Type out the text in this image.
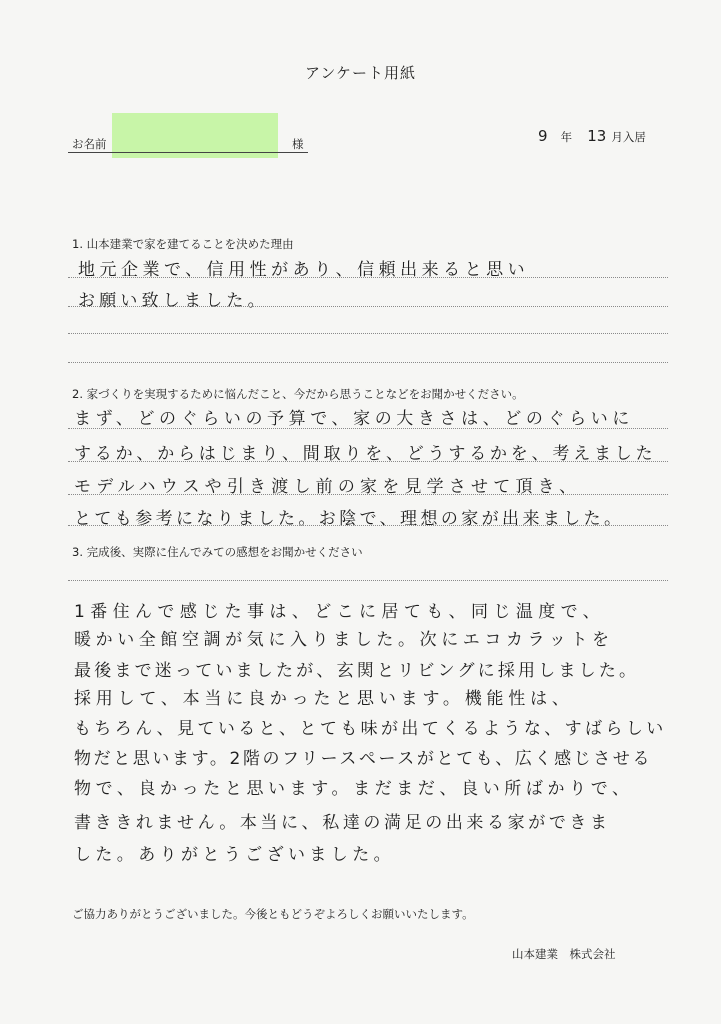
アンケート用紙
お名前	様	9 年 13 月入居
1. 山本建業で家を建てることを決めた理由
地元企業で、信用性があり、信頼出来ると思い
お願い致しました。
2. 家づくりを実現するために悩んだこと、今だから思うことなどをお聞かせください。
まず、どのぐらいの予算で、家の大きさは、どのぐらいに
するか、からはじまり、間取りを、どうするかを、考えました
モデルハウスや引き渡し前の家を見学させて頂き、
とても参考になりました。お陰で、理想の家が出来ました。
3. 完成後、実際に住んでみての感想をお聞かせください
1番住んで感じた事は、どこに居ても、同じ温度で、
暖かい全館空調が気に入りました。次にエコカラットを
最後まで迷っていましたが、玄関とリビングに採用しました。
採用して、本当に良かったと思います。機能性は、
もちろん、見ていると、とても味が出てくるような、すばらしい
物だと思います。2階のフリースペースがとても、広く感じさせる
物で、良かったと思います。まだまだ、良い所ばかりで、
書ききれません。本当に、私達の満足の出来る家ができま
した。ありがとうございました。
ご協力ありがとうございました。今後ともどうぞよろしくお願いいたします。
山本建業　株式会社
